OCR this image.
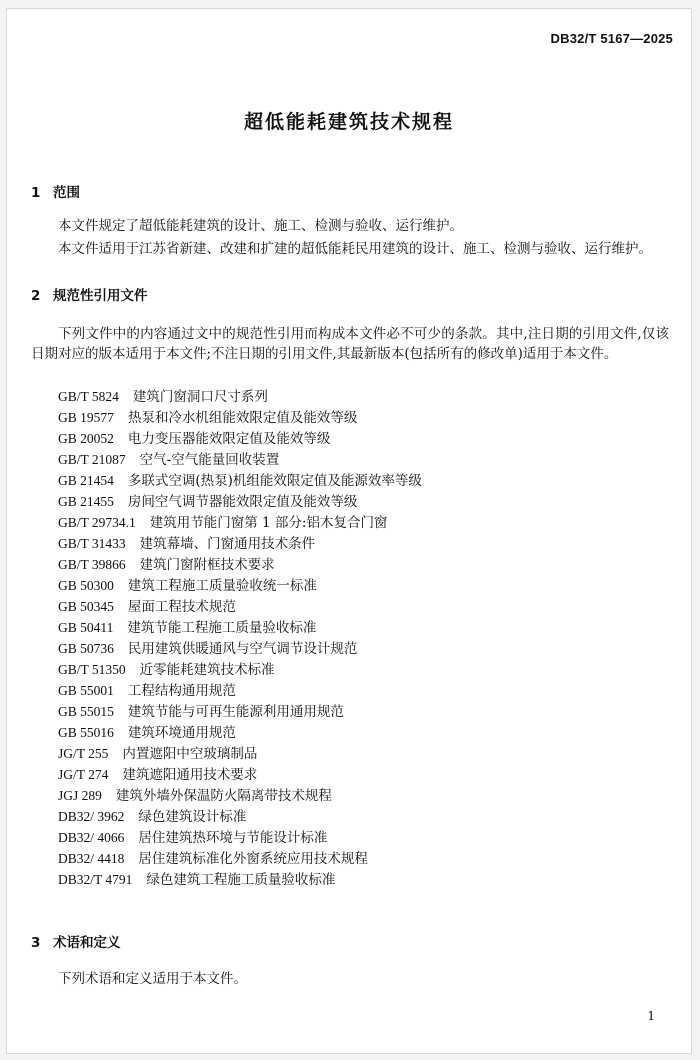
DB32/T 5167—2025
超低能耗建筑技术规程
1 范围
本文件规定了超低能耗建筑的设计、施工、检测与验收、运行维护。
本文件适用于江苏省新建、改建和扩建的超低能耗民用建筑的设计、施工、检测与验收、运行维护。
2 规范性引用文件
下列文件中的内容通过文中的规范性引用而构成本文件必不可少的条款。其中,注日期的引用文件,仅该日期对应的版本适用于本文件;不注日期的引用文件,其最新版本(包括所有的修改单)适用于本文件。
GB/T 5824 建筑门窗洞口尺寸系列
GB 19577 热泵和冷水机组能效限定值及能效等级
GB 20052 电力变压器能效限定值及能效等级
GB/T 21087 空气-空气能量回收装置
GB 21454 多联式空调(热泵)机组能效限定值及能源效率等级
GB 21455 房间空气调节器能效限定值及能效等级
GB/T 29734.1 建筑用节能门窗第 1 部分:铝木复合门窗
GB/T 31433 建筑幕墙、门窗通用技术条件
GB/T 39866 建筑门窗附框技术要求
GB 50300 建筑工程施工质量验收统一标准
GB 50345 屋面工程技术规范
GB 50411 建筑节能工程施工质量验收标准
GB 50736 民用建筑供暖通风与空气调节设计规范
GB/T 51350 近零能耗建筑技术标准
GB 55001 工程结构通用规范
GB 55015 建筑节能与可再生能源利用通用规范
GB 55016 建筑环境通用规范
JG/T 255 内置遮阳中空玻璃制品
JG/T 274 建筑遮阳通用技术要求
JGJ 289 建筑外墙外保温防火隔离带技术规程
DB32/ 3962 绿色建筑设计标准
DB32/ 4066 居住建筑热环境与节能设计标准
DB32/ 4418 居住建筑标准化外窗系统应用技术规程
DB32/T 4791 绿色建筑工程施工质量验收标准
3 术语和定义
下列术语和定义适用于本文件。
1
